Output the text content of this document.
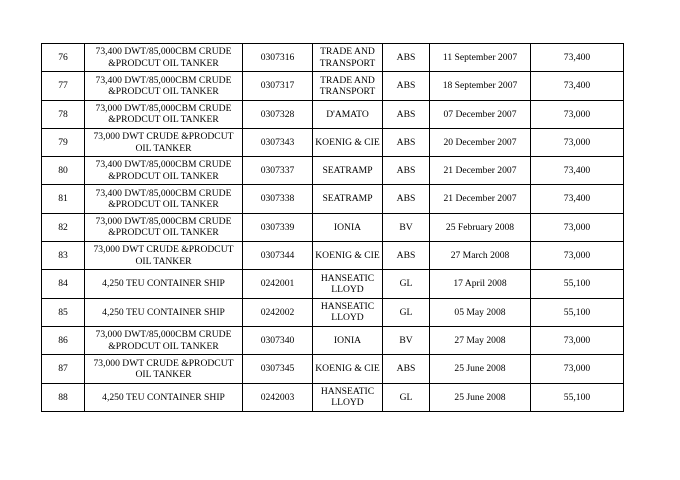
76	73,400 DWT/85,000CBM CRUDE &PRODCUT OIL TANKER	0307316	TRADE AND TRANSPORT	ABS	11 September 2007	73,400
77	73,400 DWT/85,000CBM CRUDE &PRODCUT OIL TANKER	0307317	TRADE AND TRANSPORT	ABS	18 September 2007	73,400
78	73,000 DWT/85,000CBM CRUDE &PRODCUT OIL TANKER	0307328	D'AMATO	ABS	07 December 2007	73,000
79	73,000 DWT CRUDE &PRODCUT OIL TANKER	0307343	KOENIG & CIE	ABS	20 December 2007	73,000
80	73,400 DWT/85,000CBM CRUDE &PRODCUT OIL TANKER	0307337	SEATRAMP	ABS	21 December 2007	73,400
81	73,400 DWT/85,000CBM CRUDE &PRODCUT OIL TANKER	0307338	SEATRAMP	ABS	21 December 2007	73,400
82	73,000 DWT/85,000CBM CRUDE &PRODCUT OIL TANKER	0307339	IONIA	BV	25 February 2008	73,000
83	73,000 DWT CRUDE &PRODCUT OIL TANKER	0307344	KOENIG & CIE	ABS	27 March 2008	73,000
84	4,250 TEU CONTAINER SHIP	0242001	HANSEATIC LLOYD	GL	17 April 2008	55,100
85	4,250 TEU CONTAINER SHIP	0242002	HANSEATIC LLOYD	GL	05 May 2008	55,100
86	73,000 DWT/85,000CBM CRUDE &PRODCUT OIL TANKER	0307340	IONIA	BV	27 May 2008	73,000
87	73,000 DWT CRUDE &PRODCUT OIL TANKER	0307345	KOENIG & CIE	ABS	25 June 2008	73,000
88	4,250 TEU CONTAINER SHIP	0242003	HANSEATIC LLOYD	GL	25 June 2008	55,100
